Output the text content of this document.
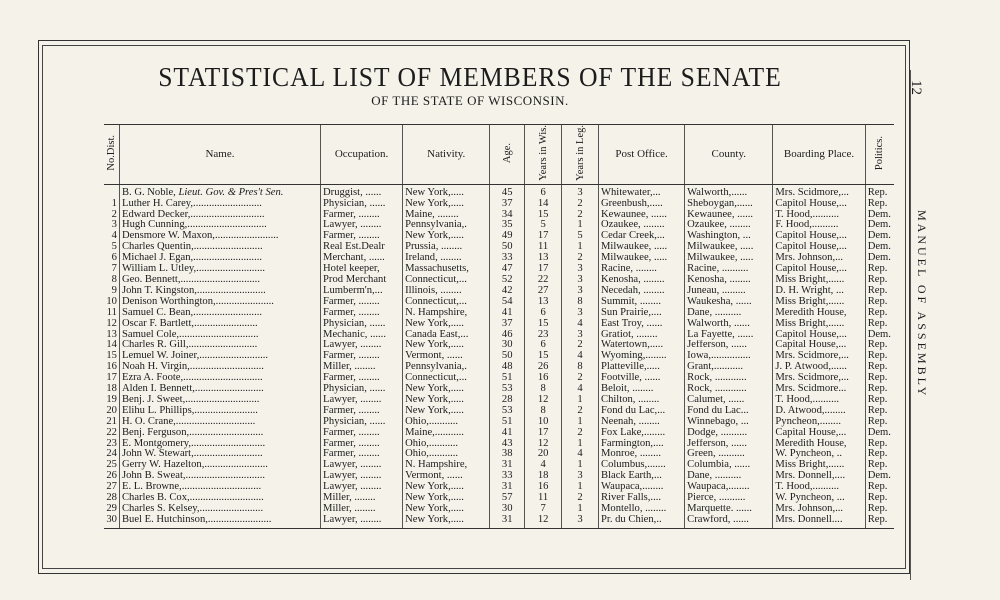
STATISTICAL LIST OF MEMBERS OF THE SENATE
OF THE STATE OF WISCONSIN.
12
MANUEL OF ASSEMBLY
No.Dist.	Name.	Occupation.	Nativity.	Age.	Years in Wis.	Years in Leg.	Post Office.	County.	Boarding Place.	Politics.
	B. G. Noble, Lieut. Gov. & Pres't Sen.	Druggist, ......	New York,.....	45	6	3	Whitewater,...	Walworth,......	Mrs. Scidmore,...	Rep.
1	Luther H. Carey,..........................	Physician, ......	New York,.....	37	14	2	Greenbush,.....	Sheboygan,......	Capitol House,...	Rep.
2	Edward Decker,............................	Farmer, ........	Maine, ........	34	15	2	Kewaunee, ......	Kewaunee, ......	T. Hood,..........	Dem.
3	Hugh Cunning,..............................	Lawyer, ........	Pennsylvania,.	35	5	1	Ozaukee, ........	Ozaukee, ........	F. Hood,..........	Dem.
4	Densmore W. Maxon,........................	Farmer, ........	New York,.....	49	17	5	Cedar Creek,...	Washington, ...	Capitol House,...	Dem.
5	Charles Quentin,..........................	Real Est.Dealr	Prussia, ........	50	11	1	Milwaukee, .....	Milwaukee, .....	Capitol House,...	Dem.
6	Michael J. Egan,..........................	Merchant, ......	Ireland, ........	33	13	2	Milwaukee, .....	Milwaukee, .....	Mrs. Johnson,...	Dem.
7	William L. Utley,..........................	Hotel keeper,	Massachusetts,	47	17	3	Racine, ........	Racine, ..........	Capitol House,...	Rep.
8	Geo. Bennett,..............................	Prod Merchant	Connecticut,...	52	22	3	Kenosha, ........	Kenosha, ........	Miss Bright,......	Rep.
9	John T. Kingston,..........................	Lumberm'n,...	Illinois, ........	42	27	3	Necedah, ........	Juneau, .........	D. H. Wright, ...	Rep.
10	Denison Worthington,......................	Farmer, ........	Connecticut,...	54	13	8	Summit, ........	Waukesha, ......	Miss Bright,......	Rep.
11	Samuel C. Bean,..........................	Farmer, ........	N. Hampshire,	41	6	3	Sun Prairie,....	Dane, ..........	Meredith House,	Rep.
12	Oscar F. Bartlett,........................	Physician, ......	New York,.....	37	15	4	East Troy, ......	Walworth, ......	Miss Bright,......	Rep.
13	Samuel Cole,..............................	Mechanic, ......	Canada East,...	46	23	3	Gratiot, ........	La Fayette, ......	Capitol House,...	Dem.
14	Charles R. Gill,..........................	Lawyer, ........	New York,.....	30	6	2	Watertown,.....	Jefferson, ......	Capital House,...	Rep.
15	Lemuel W. Joiner,..........................	Farmer, ........	Vermont, ......	50	15	4	Wyoming,........	Iowa,...............	Mrs. Scidmore,...	Rep.
16	Noah H. Virgin,............................	Miller, ........	Pennsylvania,.	48	26	8	Platteville,.....	Grant,...........	J. P. Atwood,......	Rep.
17	Ezra A. Foote,..............................	Farmer, ........	Connecticut,...	51	16	2	Footville, ......	Rock, ............	Mrs. Scidmore,...	Rep.
18	Alden I. Bennett,..........................	Physician, ......	New York,.....	53	8	4	Beloit, ........	Rock, ............	Mrs. Scidmore...	Rep.
19	Benj. J. Sweet,............................	Lawyer, ........	New York,.....	28	12	1	Chilton, ........	Calumet, ......	T. Hood,..........	Rep.
20	Elihu L. Phillips,........................	Farmer, ........	New York,.....	53	8	2	Fond du Lac,...	Fond du Lac...	D. Atwood,........	Rep.
21	H. O. Crane,..............................	Physician, ......	Ohio,...........	51	10	1	Neenah, ........	Winnebago, ...	Pyncheon,........	Rep.
22	Benj. Ferguson,............................	Farmer, ........	Maine,...........	41	17	2	Fox Lake,........	Dodge, ..........	Capital House,...	Dem.
23	E. Montgomery,............................	Farmer, ........	Ohio,...........	43	12	1	Farmington,....	Jefferson, ......	Meredith House,	Rep.
24	John W. Stewart,..........................	Farmer, ........	Ohio,...........	38	20	4	Monroe, ........	Green, ..........	W. Pyncheon, ..	Rep.
25	Gerry W. Hazelton,........................	Lawyer, ........	N. Hampshire,	31	4	1	Columbus,.......	Columbia, ......	Miss Bright,......	Rep.
26	John B. Sweat,..............................	Lawyer, ........	Vermont, ......	33	18	3	Black Earth,...	Dane, ..........	Mrs. Donnell,....	Dem.
27	E. L. Browne,..............................	Lawyer, ........	New York,.....	31	16	1	Waupaca,........	Waupaca,........	T. Hood,..........	Rep.
28	Charles B. Cox,............................	Miller, ........	New York,.....	57	11	2	River Falls,....	Pierce, ..........	W. Pyncheon, ...	Rep.
29	Charles S. Kelsey,........................	Miller, ........	New York,.....	30	7	1	Montello, ........	Marquette. ......	Mrs. Johnson,...	Rep.
30	Buel E. Hutchinson,........................	Lawyer, ........	New York,.....	31	12	3	Pr. du Chien,..	Crawford, ......	Mrs. Donnell....	Rep.
